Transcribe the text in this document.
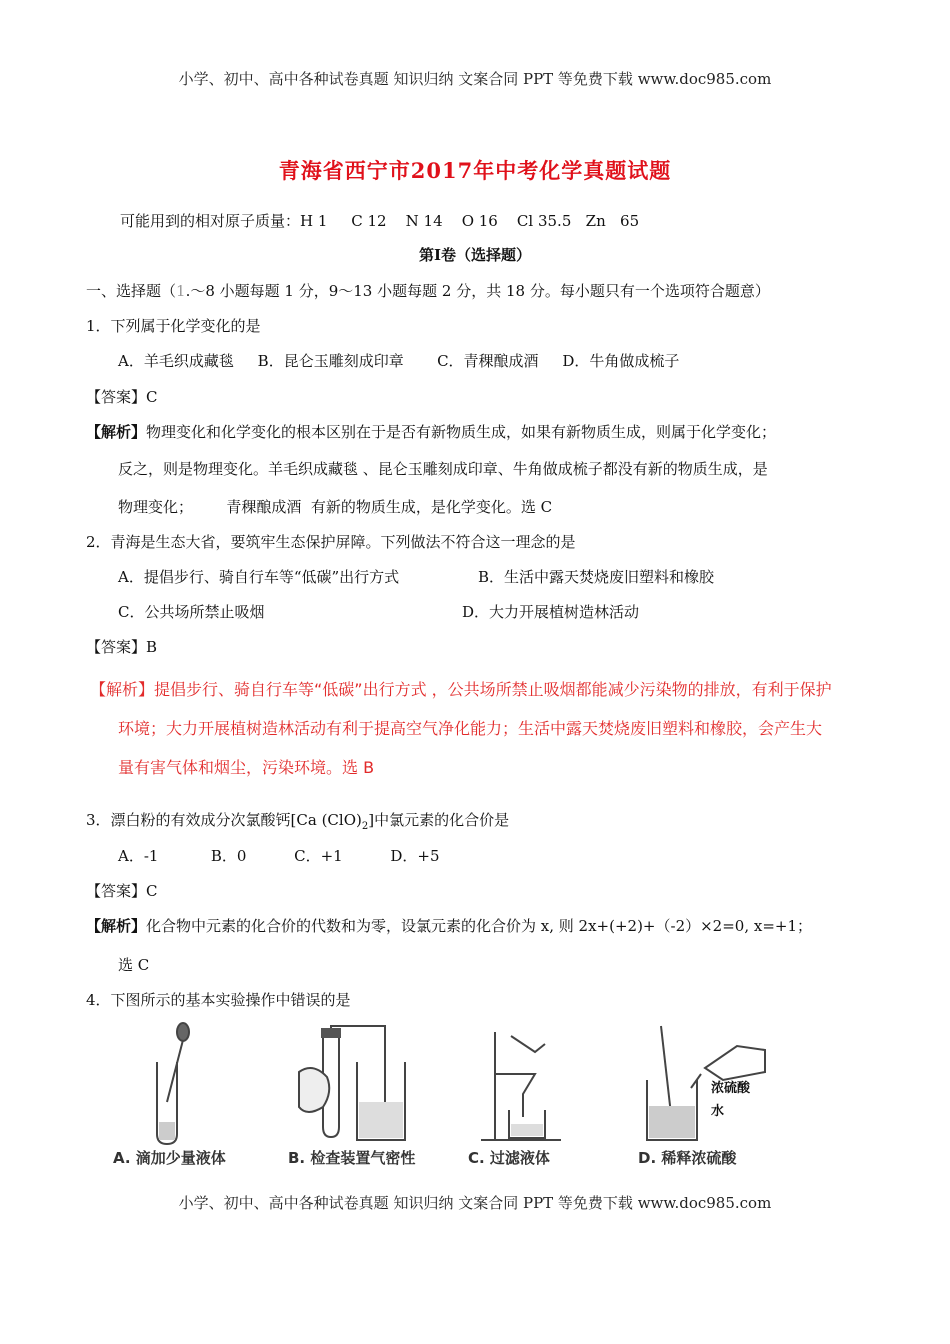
小学、初中、高中各种试卷真题 知识归纳 文案合同 PPT 等免费下载 www.doc985.com
青海省西宁市2017年中考化学真题试题
可能用到的相对原子质量：H 1     C 12    N 14    O 16    Cl 35.5   Zn   65
第Ⅰ卷（选择题）
一、选择题（1.～8 小题每题 1 分，9～13 小题每题 2 分，共 18 分。每小题只有一个选项符合题意）
1．下列属于化学变化的是
A．羊毛织成藏毯     B．昆仑玉雕刻成印章       C．青稞酿成酒     D．牛角做成梳子
【答案】C
【解析】物理变化和化学变化的根本区别在于是否有新物质生成，如果有新物质生成，则属于化学变化；
反之，则是物理变化。羊毛织成藏毯 、昆仑玉雕刻成印章、牛角做成梳子都没有新的物质生成，是
物理变化；       青稞酿成酒  有新的物质生成，是化学变化。选 C
2．青海是生态大省，要筑牢生态保护屏障。下列做法不符合这一理念的是
A．提倡步行、骑自行车等“低碳”出行方式	B．生活中露天焚烧废旧塑料和橡胶
C．公共场所禁止吸烟	D．大力开展植树造林活动
【答案】B
【解析】提倡步行、骑自行车等“低碳”出行方式 ，公共场所禁止吸烟都能减少污染物的排放，有利于保护
环境；大力开展植树造林活动有利于提高空气净化能力；生活中露天焚烧废旧塑料和橡胶，会产生大
量有害气体和烟尘，污染环境。选 B
3．漂白粉的有效成分次氯酸钙[Ca $(ClO)_2$]中氯元素的化合价是
A．-1           B．0          C．+1          D．+5
【答案】C
【解析】化合物中元素的化合价的代数和为零，设氯元素的化合价为 x, 则 2x+(+2)+（-2）×2=0, x=+1；
选 C
4．下图所示的基本实验操作中错误的是
A. 滴加少量液体	B. 检查装置气密性	C. 过滤液体
浓硫酸
水
D. 稀释浓硫酸
小学、初中、高中各种试卷真题 知识归纳 文案合同 PPT 等免费下载 www.doc985.com
